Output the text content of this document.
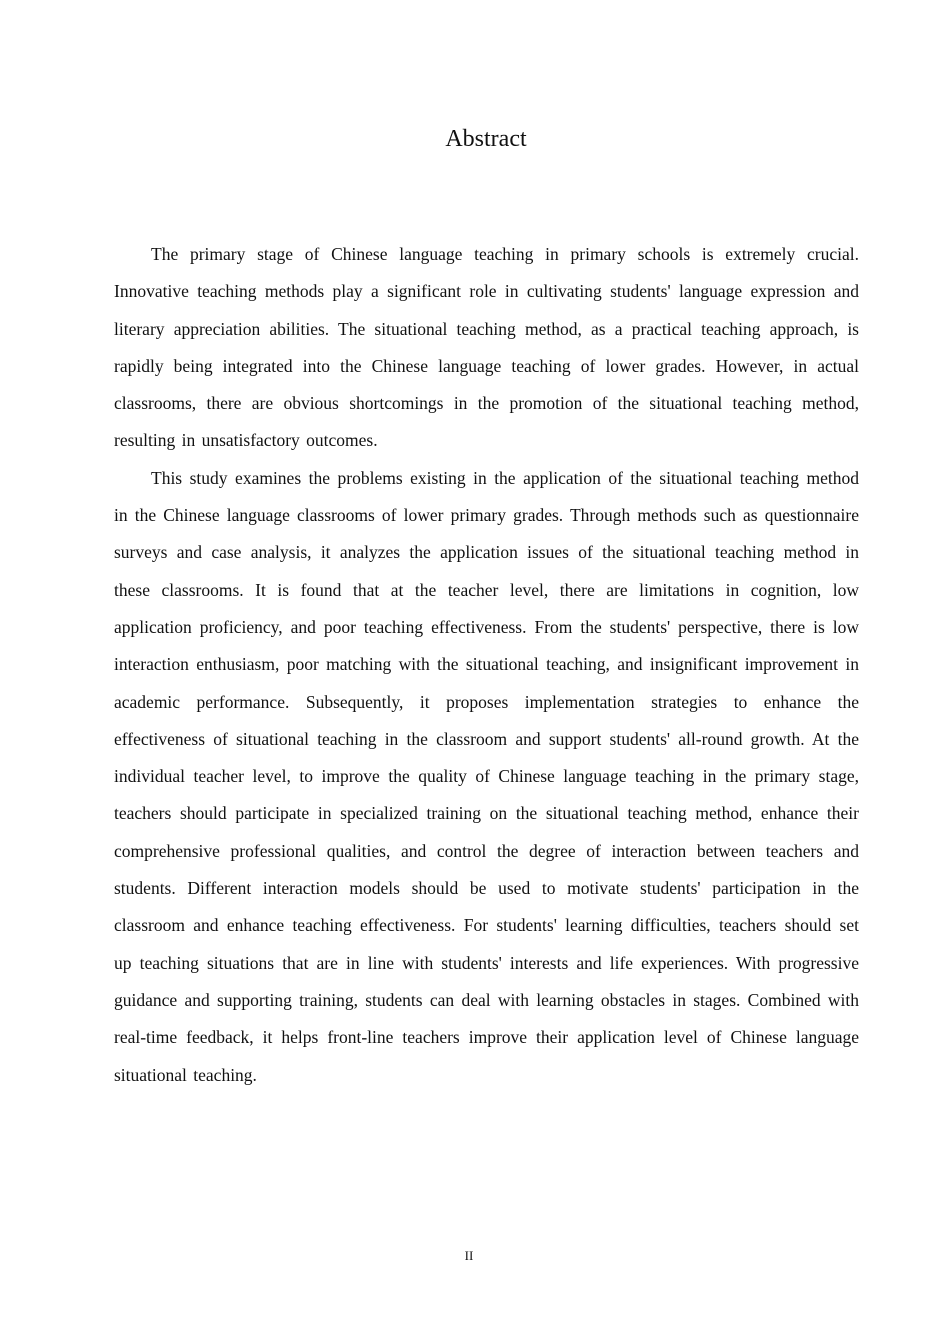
Abstract

The primary stage of Chinese language teaching in primary schools is extremely crucial. Innovative teaching methods play a significant role in cultivating students' language expression and literary appreciation abilities. The situational teaching method, as a practical teaching approach, is rapidly being integrated into the Chinese language teaching of lower grades. However, in actual classrooms, there are obvious shortcomings in the promotion of the situational teaching method, resulting in unsatisfactory outcomes.

This study examines the problems existing in the application of the situational teaching method in the Chinese language classrooms of lower primary grades. Through methods such as questionnaire surveys and case analysis, it analyzes the application issues of the situational teaching method in these classrooms. It is found that at the teacher level, there are limitations in cognition, low application proficiency, and poor teaching effectiveness. From the students' perspective, there is low interaction enthusiasm, poor matching with the situational teaching, and insignificant improvement in academic performance. Subsequently, it proposes implementation strategies to enhance the effectiveness of situational teaching in the classroom and support students' all-round growth. At the individual teacher level, to improve the quality of Chinese language teaching in the primary stage, teachers should participate in specialized training on the situational teaching method, enhance their comprehensive professional qualities, and control the degree of interaction between teachers and students. Different interaction models should be used to motivate students' participation in the classroom and enhance teaching effectiveness. For students' learning difficulties, teachers should set up teaching situations that are in line with students' interests and life experiences. With progressive guidance and supporting training, students can deal with learning obstacles in stages. Combined with real-time feedback, it helps front-line teachers improve their application level of Chinese language situational teaching.

II
